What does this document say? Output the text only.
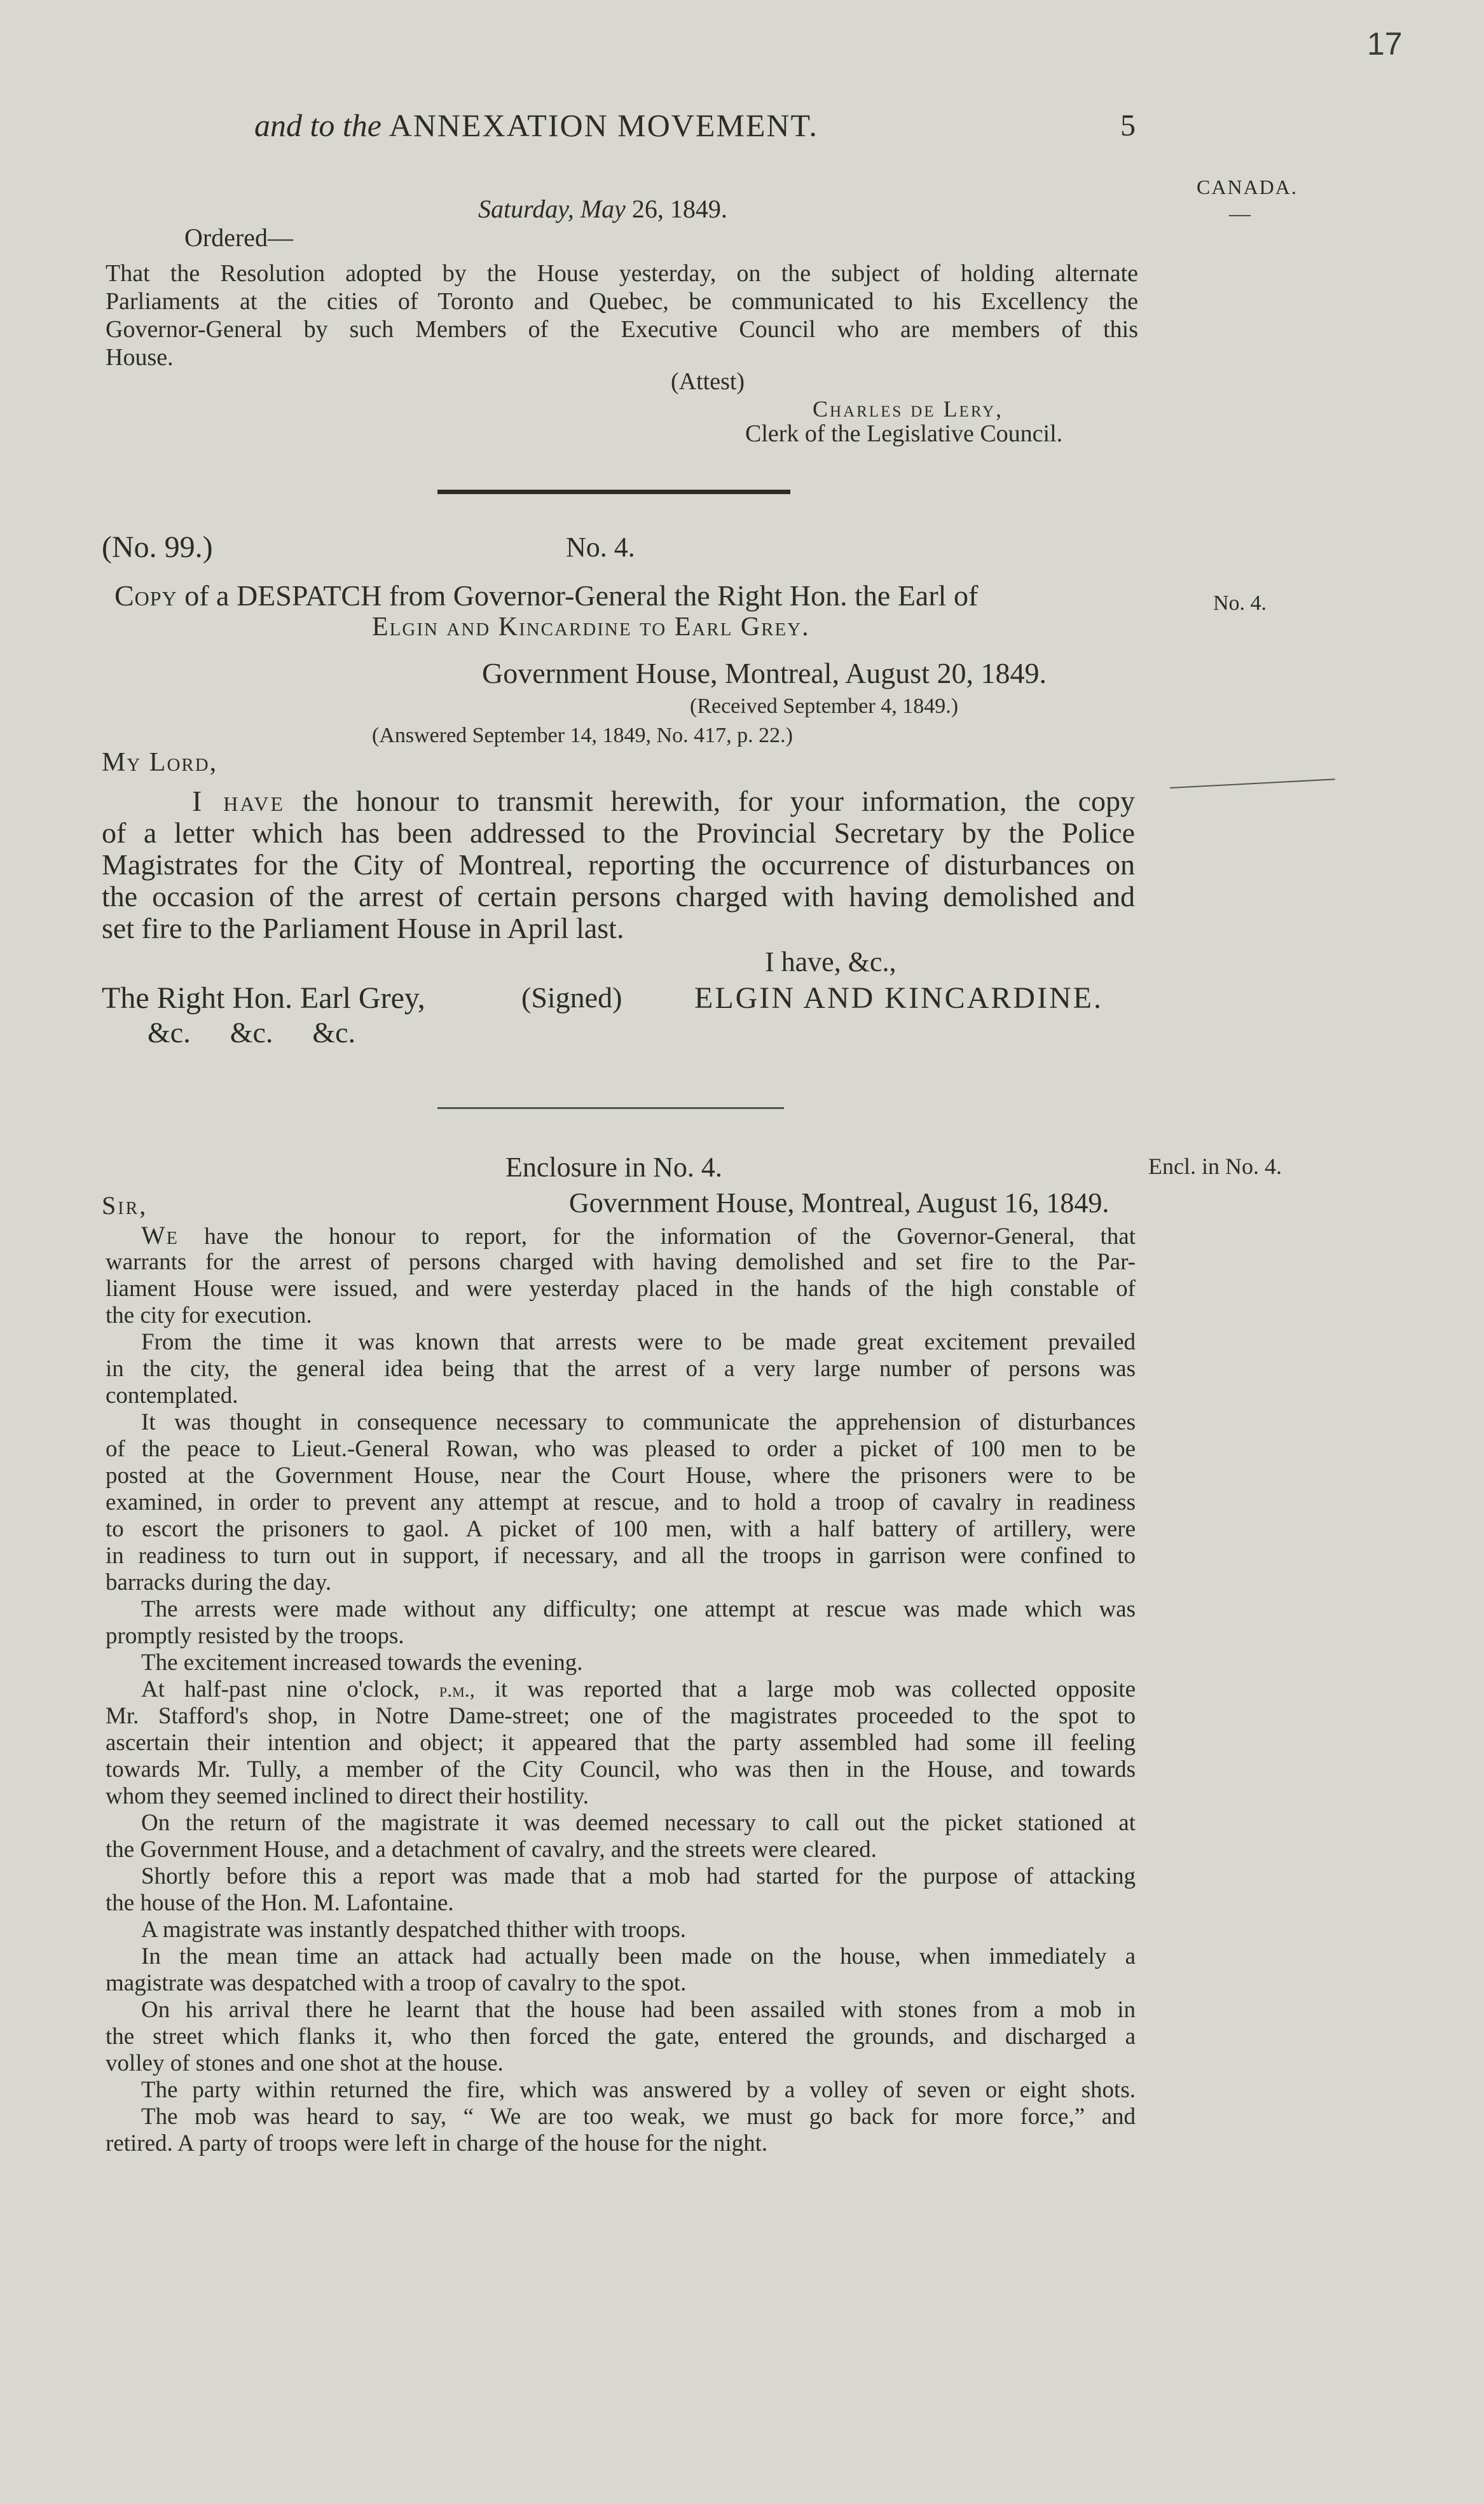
17
and to the ANNEXATION MOVEMENT.	5
CANADA.
—
Saturday, May 26, 1849.
Ordered—
That the Resolution adopted by the House yesterday, on the subject of holding alternate
Parliaments at the cities of Toronto and Quebec, be communicated to his Excellency the
Governor-General by such Members of the Executive Council who are members of this
House.
(Attest)
Charles de Lery,
Clerk of the Legislative Council.
(No. 99.)	No. 4.
Copy of a DESPATCH from Governor-General the Right Hon. the Earl of
Elgin and Kincardine to Earl Grey.
No. 4.
Government House, Montreal, August 20, 1849.
(Received September 4, 1849.)
(Answered September 14, 1849, No. 417, p. 22.)
My Lord,
I have the honour to transmit herewith, for your information, the copy
of a letter which has been addressed to the Provincial Secretary by the Police
Magistrates for the City of Montreal, reporting the occurrence of disturbances on
the occasion of the arrest of certain persons charged with having demolished and
set fire to the Parliament House in April last.
I have, &c.,
The Right Hon. Earl Grey,	(Signed) ELGIN AND KINCARDINE.
&c. &c. &c.
Enclosure in No. 4.	Encl. in No. 4.
Sir,	Government House, Montreal, August 16, 1849.
We have the honour to report, for the information of the Governor-General, that
warrants for the arrest of persons charged with having demolished and set fire to the Par-
liament House were issued, and were yesterday placed in the hands of the high constable of
the city for execution.
From the time it was known that arrests were to be made great excitement prevailed
in the city, the general idea being that the arrest of a very large number of persons was
contemplated.
It was thought in consequence necessary to communicate the apprehension of disturbances
of the peace to Lieut.-General Rowan, who was pleased to order a picket of 100 men to be
posted at the Government House, near the Court House, where the prisoners were to be
examined, in order to prevent any attempt at rescue, and to hold a troop of cavalry in readiness
to escort the prisoners to gaol. A picket of 100 men, with a half battery of artillery, were
in readiness to turn out in support, if necessary, and all the troops in garrison were confined to
barracks during the day.
The arrests were made without any difficulty; one attempt at rescue was made which was
promptly resisted by the troops.
The excitement increased towards the evening.
At half-past nine o'clock, p.m., it was reported that a large mob was collected opposite
Mr. Stafford's shop, in Notre Dame-street; one of the magistrates proceeded to the spot to
ascertain their intention and object; it appeared that the party assembled had some ill feeling
towards Mr. Tully, a member of the City Council, who was then in the House, and towards
whom they seemed inclined to direct their hostility.
On the return of the magistrate it was deemed necessary to call out the picket stationed at
the Government House, and a detachment of cavalry, and the streets were cleared.
Shortly before this a report was made that a mob had started for the purpose of attacking
the house of the Hon. M. Lafontaine.
A magistrate was instantly despatched thither with troops.
In the mean time an attack had actually been made on the house, when immediately a
magistrate was despatched with a troop of cavalry to the spot.
On his arrival there he learnt that the house had been assailed with stones from a mob in
the street which flanks it, who then forced the gate, entered the grounds, and discharged a
volley of stones and one shot at the house.
The party within returned the fire, which was answered by a volley of seven or eight shots.
The mob was heard to say, “ We are too weak, we must go back for more force,” and
retired. A party of troops were left in charge of the house for the night.
